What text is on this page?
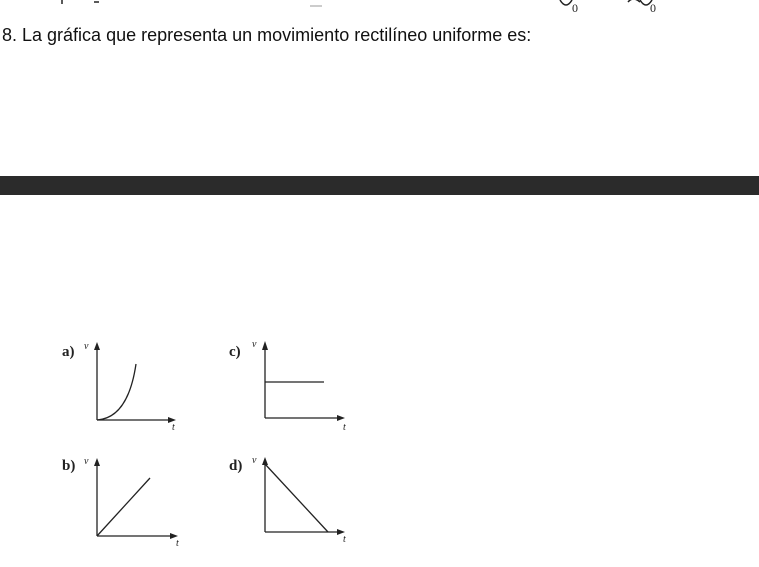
0	0
8. La gráfica que representa un movimiento rectilíneo uniforme es:
a) v
t
c) v
t
b) v
t
d) v
t
